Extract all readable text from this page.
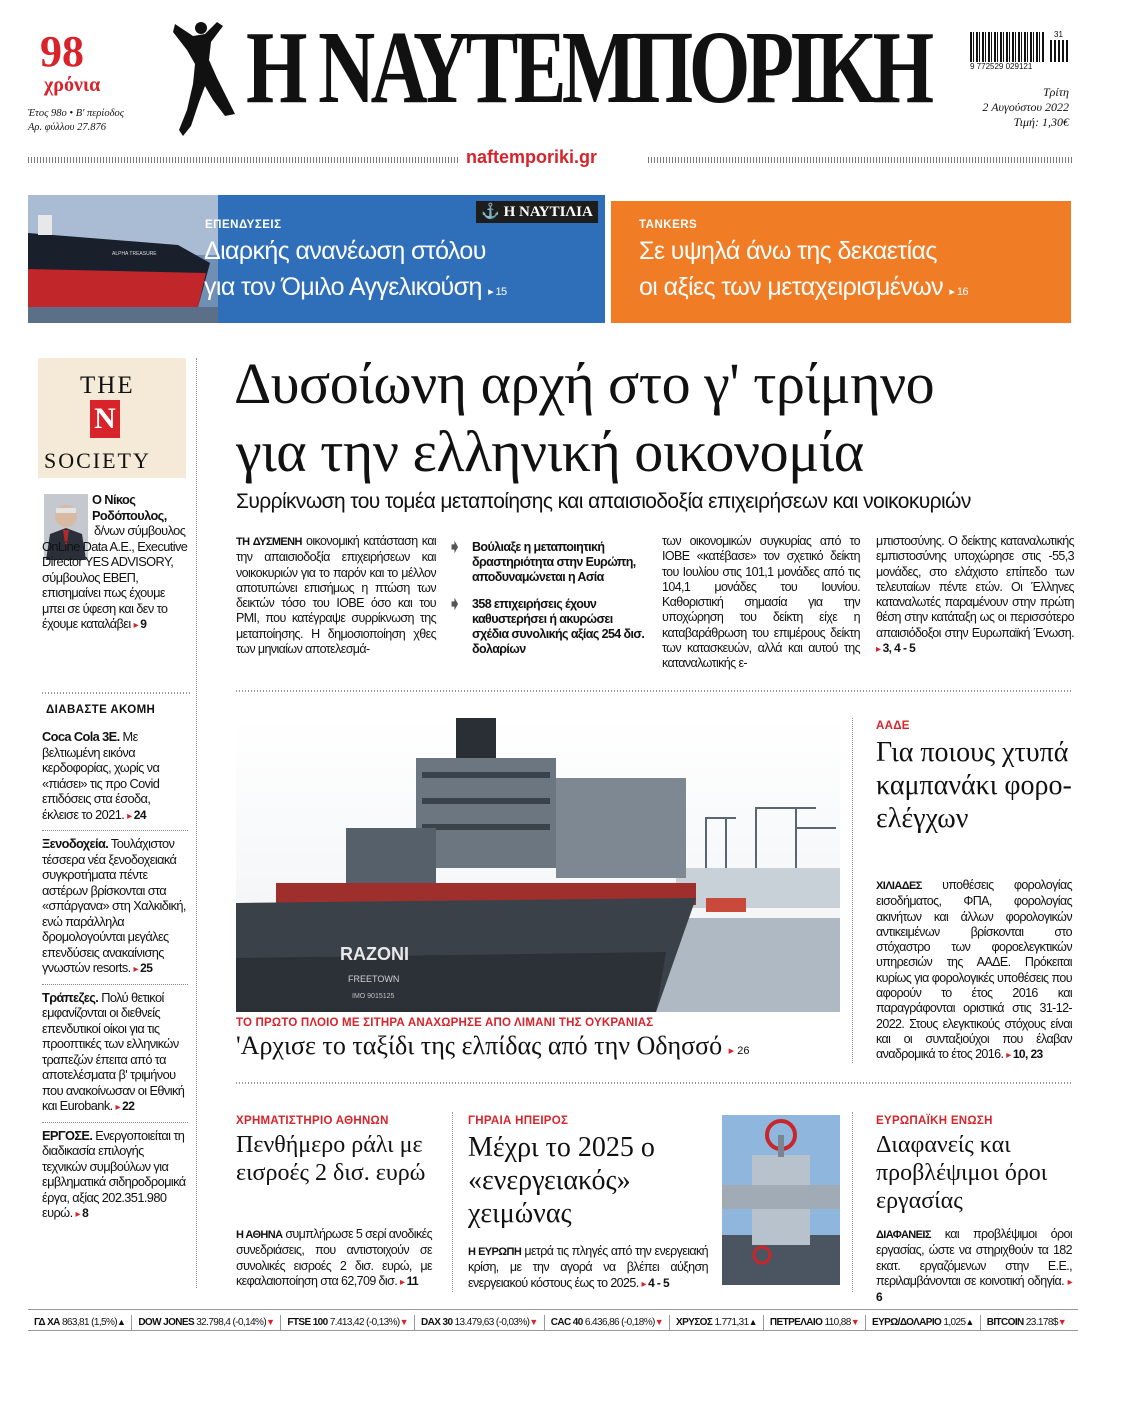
98
χρόνια
Έτος 98ο • Β' περίοδος
Αρ. φύλλου 27.876
Η ΝΑΥΤΕΜΠΟΡΙΚΗ	31
9 772529 029121
Τρίτη
2 Αυγούστου 2022
Τιμή: 1,30€
naftemporiki.gr
ALPHA TREASURE
⚓ Η ΝΑΥΤΙΛΙΑ
ΕΠΕΝΔΥΣΕΙΣ
Διαρκής ανανέωση στόλου
για τον Όμιλο Αγγελικούση ▸ 15
TANKERS
Σε υψηλά άνω της δεκαετίας
οι αξίες των μεταχειρισμένων ▸ 16
THE
N
SOCIETY
Ο Νίκος Ροδόπουλος,
δ/νων σύμβουλος OnLine Data A.E., Executive Director YES ADVISORY, σύμβουλος ΕΒΕΠ, επισημαίνει πως έχουμε μπει σε ύφεση και δεν το έχουμε καταλάβει ▸ 9
ΔΙΑΒΑΣΤΕ ΑΚΟΜΗ

Coca Cola 3E. Με βελτιωμένη εικόνα κερδοφορίας, χωρίς να «πιάσει» τις προ Covid επιδόσεις στα έσοδα, έκλεισε το 2021. ▸ 24

Ξενοδοχεία. Τουλάχιστον τέσσερα νέα ξενοδοχειακά συγκροτήματα πέντε αστέρων βρίσκονται στα «σπάργανα» στη Χαλκιδική, ενώ παράλληλα δρομολογούνται μεγάλες επενδύσεις ανακαίνισης γνωστών resorts. ▸ 25

Τράπεζες. Πολύ θετικοί εμφανίζονται οι διεθνείς επενδυτικοί οίκοι για τις προοπτικές των ελληνικών τραπεζών έπειτα από τα αποτελέσματα β' τριμήνου που ανακοίνωσαν οι Εθνική και Eurobank. ▸ 22

ΕΡΓΟΣΕ. Ενεργοποιείται τη διαδικασία επιλογής τεχνικών συμβούλων για εμβληματικά σιδηροδρομικά έργα, αξίας 202.351.980 ευρώ. ▸ 8

Δυσοίωνη αρχή στο γ' τρίμηνο
για την ελληνική οικονομία
Συρρίκνωση του τομέα μεταποίησης και απαισιοδοξία επιχειρήσεων και νοικοκυριών
ΤΗ ΔΥΣΜΕΝΗ οικονομική κατάσταση και την απαισιοδοξία επιχειρήσεων και νοικοκυριών για το παρόν και το μέλλον αποτυπώνει επισήμως η πτώση των δεικτών τόσο του ΙΟΒΕ όσο και του PMI, που κατέγραψε συρρίκνωση της μεταποίησης. Η δημοσιοποίηση χθες των μηνιαίων αποτελεσμά-
➧ Βούλιαξε η μεταποιητική δραστηριότητα στην Ευρώπη, αποδυναμώνεται η Ασία
➧ 358 επιχειρήσεις έχουν καθυστερήσει ή ακυρώσει σχέδια συνολικής αξίας 254 δισ. δολαρίων
των οικονομικών συγκυρίας από το ΙΟΒΕ «κατέβασε» τον σχετικό δείκτη του Ιουλίου στις 101,1 μονάδες από τις 104,1 μονάδες του Ιουνίου. Καθοριστική σημασία για την υποχώρηση του δείκτη είχε η καταβαράθρωση του επιμέρους δείκτη των κατασκευών, αλλά και αυτού της καταναλωτικής ε-
μπιστοσύνης. Ο δείκτης καταναλωτικής εμπιστοσύνης υποχώρησε στις -55,3 μονάδες, στο ελάχιστο επίπεδο των τελευταίων πέντε ετών. Οι Έλληνες καταναλωτές παραμένουν στην πρώτη θέση στην κατάταξη ως οι περισσότερο απαισιόδοξοι στην Ευρωπαϊκή Ένωση. ▸ 3, 4 - 5
RAZONI
FREETOWN
IMO 9015125
ΤΟ ΠΡΩΤΟ ΠΛΟΙΟ ΜΕ ΣΙΤΗΡΑ ΑΝΑΧΩΡΗΣΕ ΑΠΟ ΛΙΜΑΝΙ ΤΗΣ ΟΥΚΡΑΝΙΑΣ
'Αρχισε το ταξίδι της ελπίδας από την Οδησσό ▸ 26
ΑΑΔΕ
Για ποιους χτυπά καμπανάκι φορο-ελέγχων
ΧΙΛΙΑΔΕΣ υποθέσεις φορολογίας εισοδήματος, ΦΠΑ, φορολογίας ακινήτων και άλλων φορολογικών αντικειμένων βρίσκονται στο στόχαστρο των φοροελεγκτικών υπηρεσιών της ΑΑΔΕ. Πρόκειται κυρίως για φορολογικές υποθέσεις που αφορούν το έτος 2016 και παραγράφονται οριστικά στις 31-12-2022. Στους ελεγκτικούς στόχους είναι και οι συνταξιούχοι που έλαβαν αναδρομικά το έτος 2016. ▸ 10, 23
ΧΡΗΜΑΤΙΣΤΗΡΙΟ ΑΘΗΝΩΝ
Πενθήμερο ράλι με εισροές 2 δισ. ευρώ
Η ΑΘΗΝΑ συμπλήρωσε 5 σερί ανοδικές συνεδριάσεις, που αντιστοιχούν σε συνολικές εισροές 2 δισ. ευρώ, με κεφαλαιοποίηση στα 62,709 δισ. ▸ 11
ΓΗΡΑΙΑ ΗΠΕΙΡΟΣ
Μέχρι το 2025 ο «ενεργειακός» χειμώνας
Η ΕΥΡΩΠΗ μετρά τις πληγές από την ενεργειακή κρίση, με την αγορά να βλέπει αύξηση ενεργειακού κόστους έως το 2025. ▸ 4 - 5
ΕΥΡΩΠΑΪΚΗ ΕΝΩΣΗ
Διαφανείς και προβλέψιμοι όροι εργασίας
ΔΙΑΦΑΝΕΙΣ και προβλέψιμοι όροι εργασίας, ώστε να στηριχθούν τα 182 εκατ. εργαζόμενων στην Ε.Ε., περιλαμβάνονται σε κοινοτική οδηγία. ▸ 6
ΓΔ ΧΑ 863,81 (1,5%)▲ DOW JONES 32.798,4 (-0,14%)▼ FTSE 100 7.413,42 (-0,13%)▼ DAX 30 13.479,63 (-0,03%)▼ CAC 40 6.436,86 (-0,18%)▼ ΧΡΥΣΟΣ 1.771,31▲ ΠΕΤΡΕΛΑΙΟ 110,88▼ ΕΥΡΩ/ΔΟΛΑΡΙΟ 1,025▲ BITCOIN 23.178$▼
